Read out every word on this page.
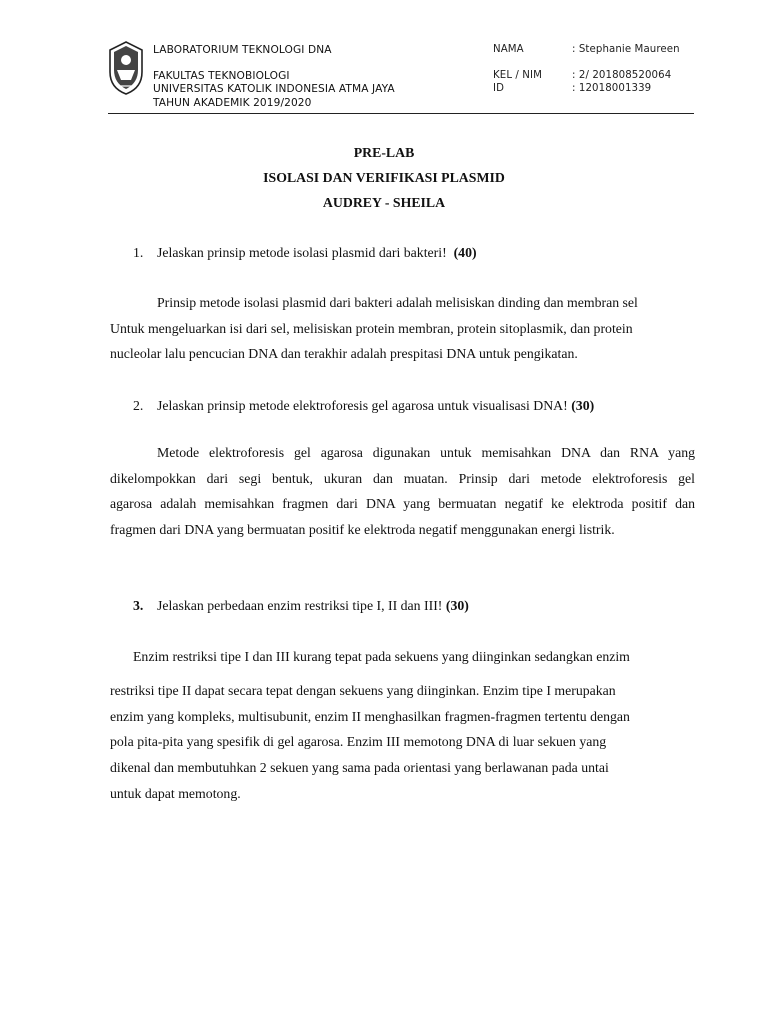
LABORATORIUM TEKNOLOGI DNA
FAKULTAS TEKNOBIOLOGI
UNIVERSITAS KATOLIK INDONESIA ATMA JAYA
TAHUN AKADEMIK 2019/2020
NAMA	: Stephanie Maureen
KEL / NIM	: 2/ 201808520064
ID	: 12018001339
PRE-LAB
ISOLASI DAN VERIFIKASI PLASMID
AUDREY - SHEILA
1. Jelaskan prinsip metode isolasi plasmid dari bakteri! (40)
Prinsip metode isolasi plasmid dari bakteri adalah melisiskan dinding dan membran sel
Untuk mengeluarkan isi dari sel, melisiskan protein membran, protein sitoplasmik, dan protein
nucleolar lalu pencucian DNA dan terakhir adalah prespitasi DNA untuk pengikatan.
2. Jelaskan prinsip metode elektroforesis gel agarosa untuk visualisasi DNA! (30)
Metode elektroforesis gel agarosa digunakan untuk memisahkan DNA dan RNA yang
dikelompokkan dari segi bentuk, ukuran dan muatan. Prinsip dari metode elektroforesis gel
agarosa adalah memisahkan fragmen dari DNA yang bermuatan negatif ke elektroda positif dan
fragmen dari DNA yang bermuatan positif ke elektroda negatif menggunakan energi listrik.
3. Jelaskan perbedaan enzim restriksi tipe I, II dan III! (30)
Enzim restriksi tipe I dan III kurang tepat pada sekuens yang diinginkan sedangkan enzim
restriksi tipe II dapat secara tepat dengan sekuens yang diinginkan. Enzim tipe I merupakan
enzim yang kompleks, multisubunit, enzim II menghasilkan fragmen-fragmen tertentu dengan
pola pita-pita yang spesifik di gel agarosa. Enzim III memotong DNA di luar sekuen yang
dikenal dan membutuhkan 2 sekuen yang sama pada orientasi yang berlawanan pada untai
untuk dapat memotong.
